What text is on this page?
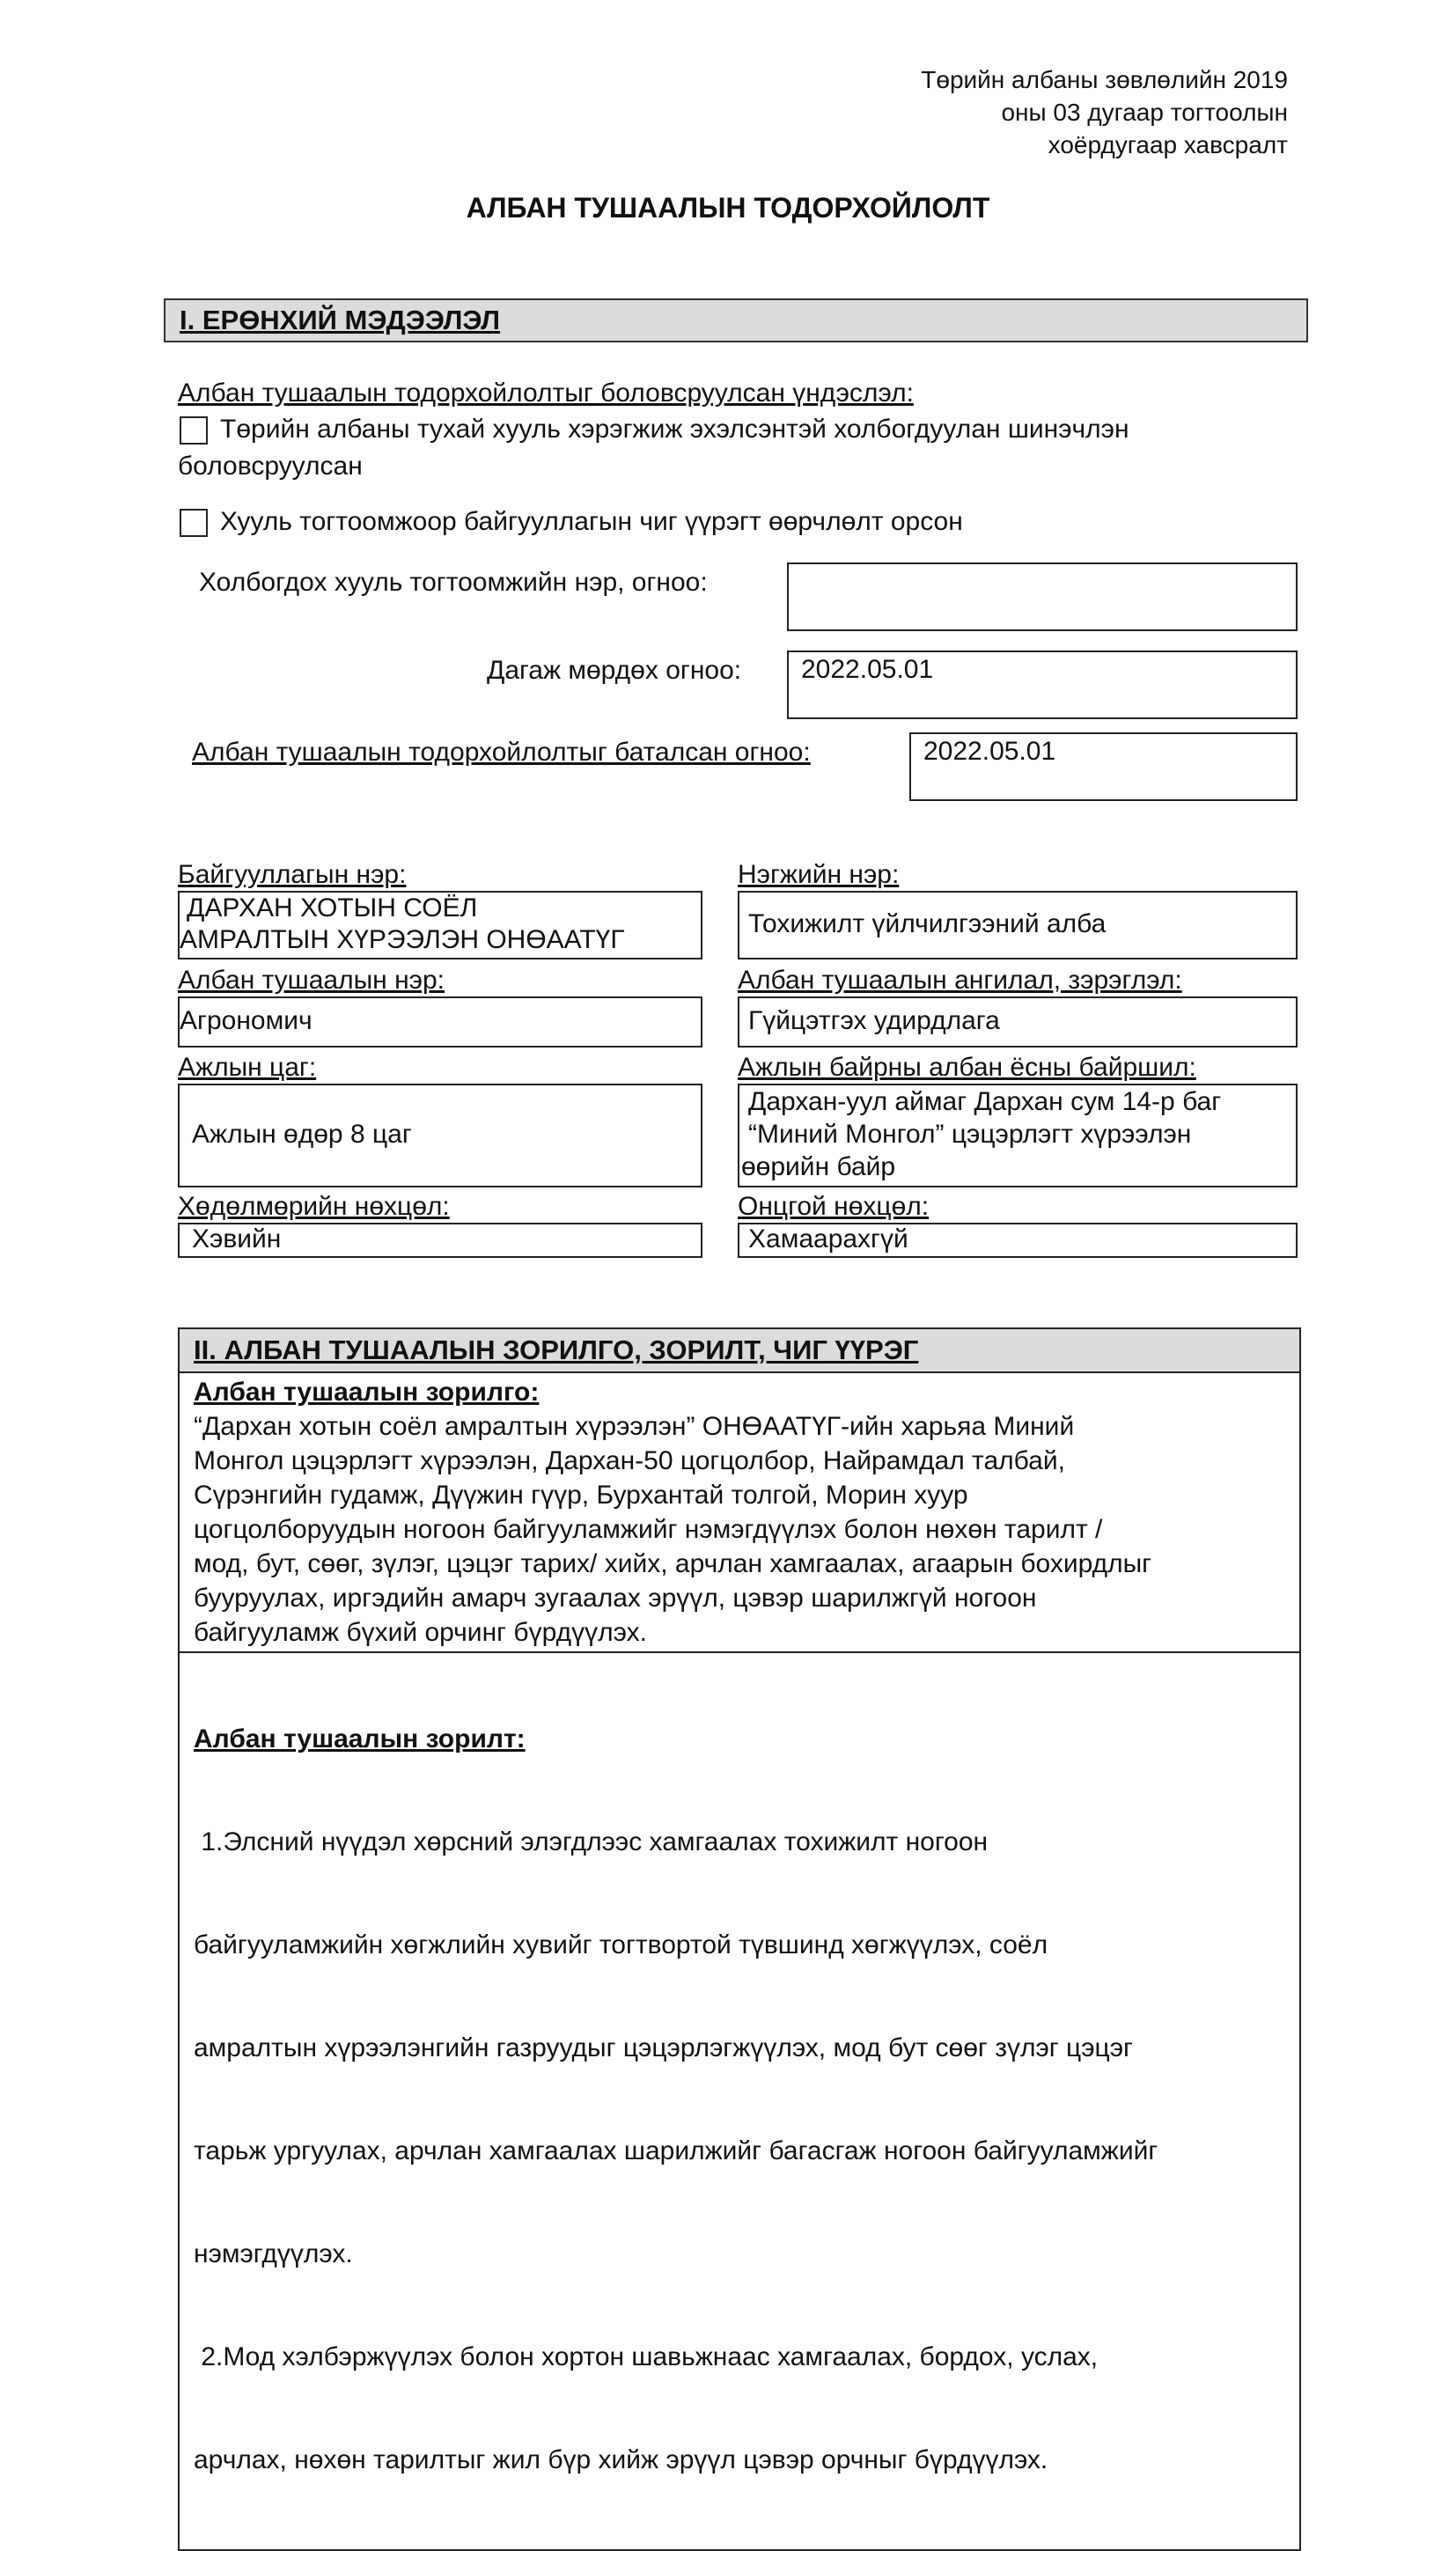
Төрийн албаны зөвлөлийн 2019
оны 03 дугаар тогтоолын
хоёрдугаар хавсралт
АЛБАН ТУШААЛЫН ТОДОРХОЙЛОЛТ
I. ЕРӨНХИЙ МЭДЭЭЛЭЛ
Албан тушаалын тодорхойлолтыг боловсруулсан үндэслэл:
Төрийн албаны тухай хууль хэрэгжиж эхэлсэнтэй холбогдуулан шинэчлэн
боловсруулсан
Хууль тогтоомжоор байгууллагын чиг үүрэгт өөрчлөлт орсон
Холбогдох хууль тогтоомжийн нэр, огноо:
Дагаж мөрдөх огноо:	2022.05.01
Албан тушаалын тодорхойлолтыг баталсан огноо:	2022.05.01
Байгууллагын нэр:
ДАРХАН ХОТЫН СОЁЛ
АМРАЛТЫН ХҮРЭЭЛЭН ОНӨААТҮГ
Нэгжийн нэр:
Тохижилт үйлчилгээний алба
Албан тушаалын нэр:
Агрономич
Албан тушаалын ангилал, зэрэглэл:
Гүйцэтгэх удирдлага
Ажлын цаг:
Ажлын өдөр 8 цаг
Ажлын байрны албан ёсны байршил:
Дархан-уул аймаг Дархан сум 14-р баг
“Миний Монгол” цэцэрлэгт хүрээлэн
өөрийн байр
Хөдөлмөрийн нөхцөл:
Хэвийн
Онцгой нөхцөл:
Хамаарахгүй
II. АЛБАН ТУШААЛЫН ЗОРИЛГО, ЗОРИЛТ, ЧИГ ҮҮРЭГ
Албан тушаалын зорилго:
“Дархан хотын соёл амралтын хүрээлэн” ОНӨААТҮГ-ийн харьяа Миний
Монгол цэцэрлэгт хүрээлэн, Дархан-50 цогцолбор, Найрамдал талбай,
Сүрэнгийн гудамж, Дүүжин гүүр, Бурхантай толгой, Морин хуур
цогцолборуудын ногоон байгууламжийг нэмэгдүүлэх болон нөхөн тарилт /
мод, бут, сөөг, зүлэг, цэцэг тарих/ хийх, арчлан хамгаалах, агаарын бохирдлыг
бууруулах, иргэдийн амарч зугаалах эрүүл, цэвэр шарилжгүй ногоон
байгууламж бүхий орчинг бүрдүүлэх.

Албан тушаалын зорилт:

1.Элсний нүүдэл хөрсний элэгдлээс хамгаалах тохижилт ногоон

байгууламжийн хөгжлийн хувийг тогтвортой түвшинд хөгжүүлэх, соёл

амралтын хүрээлэнгийн газруудыг цэцэрлэгжүүлэх, мод бут сөөг зүлэг цэцэг

тарьж ургуулах, арчлан хамгаалах шарилжийг багасгаж ногоон байгууламжийг

нэмэгдүүлэх.

2.Мод хэлбэржүүлэх болон хортон шавьжнаас хамгаалах, бордох, услах,

арчлах, нөхөн тарилтыг жил бүр хийж эрүүл цэвэр орчныг бүрдүүлэх.
